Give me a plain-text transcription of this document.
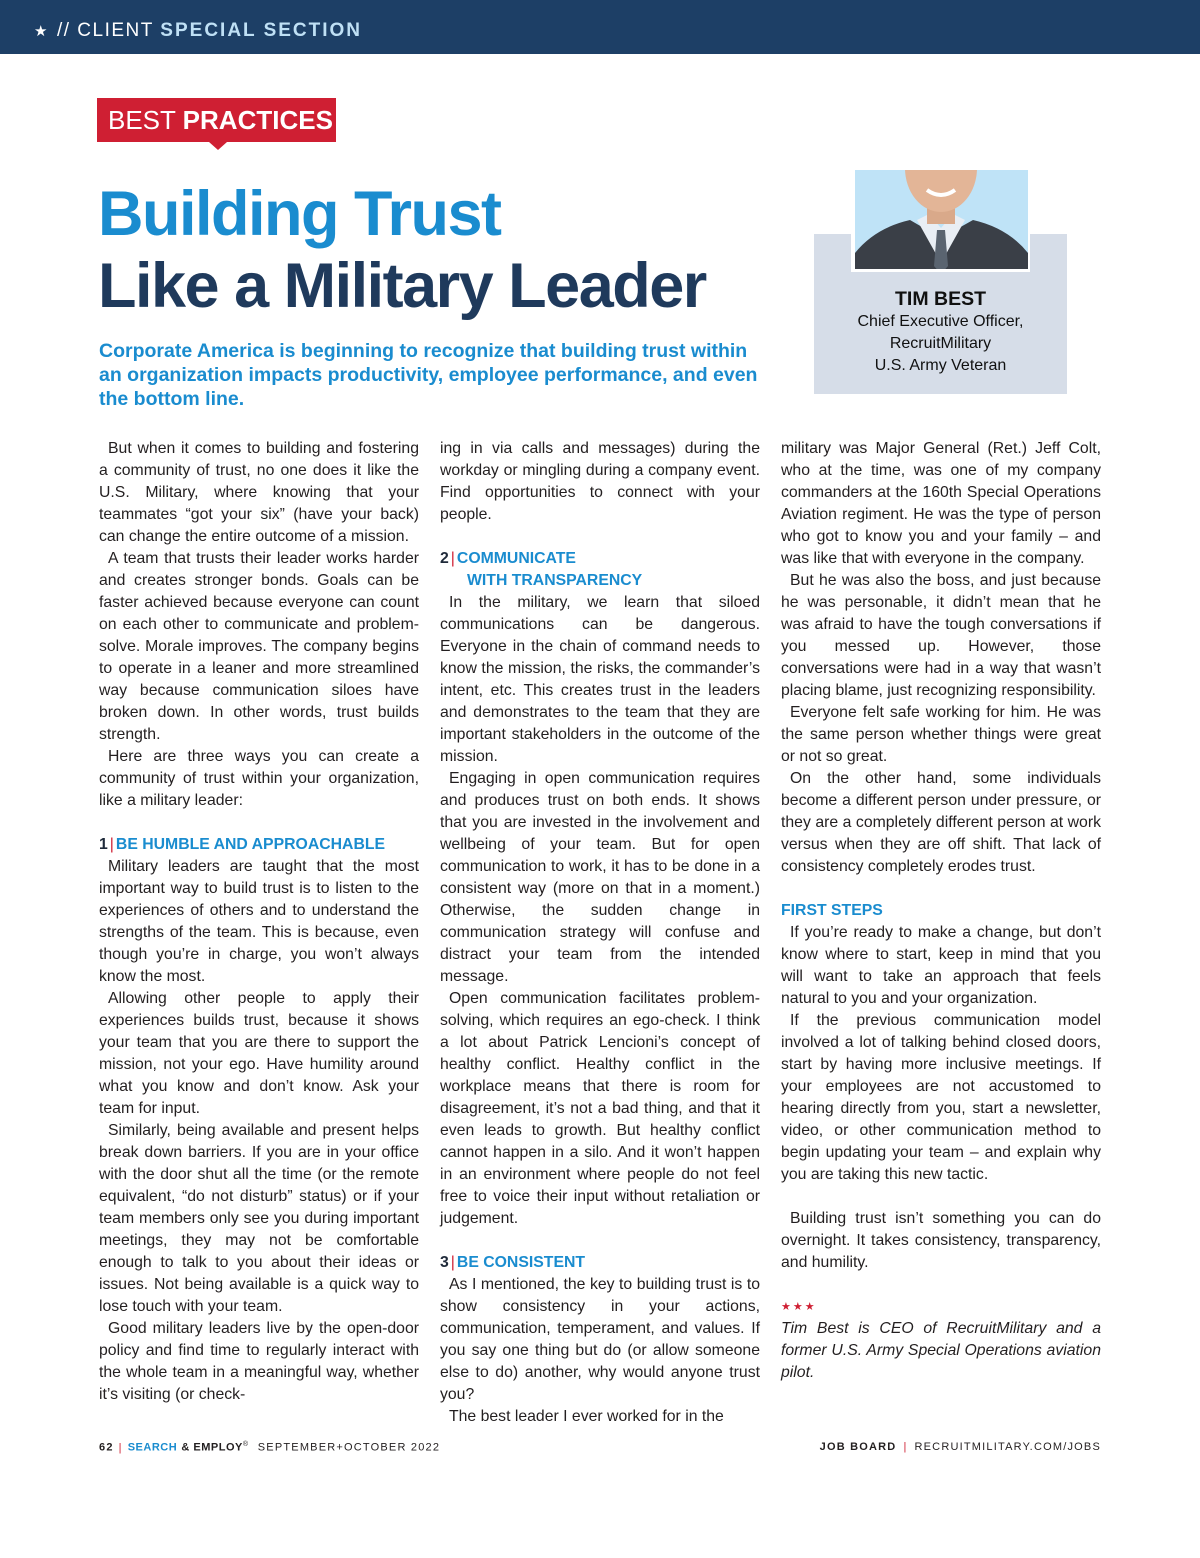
★ // CLIENT SPECIAL SECTION
BEST PRACTICES
Building Trust
Like a Military Leader
Corporate America is beginning to recognize that building trust within an organization impacts productivity, employee performance, and even the bottom line.
TIM BEST
Chief Executive Officer,
RecruitMilitary
U.S. Army Veteran

But when it comes to building and fostering a community of trust, no one does it like the U.S. Military, where knowing that your teammates “got your six” (have your back) can change the entire outcome of a mission.

A team that trusts their leader works harder and creates stronger bonds. Goals can be faster achieved because everyone can count on each other to communicate and problem-solve. Morale improves. The company begins to operate in a leaner and more streamlined way because communication siloes have broken down. In other words, trust builds strength.

Here are three ways you can create a community of trust within your organization, like a military leader:

1 | BE HUMBLE AND APPROACHABLE

Military leaders are taught that the most important way to build trust is to listen to the experiences of others and to understand the strengths of the team. This is because, even though you’re in charge, you won’t always know the most.

Allowing other people to apply their experiences builds trust, because it shows your team that you are there to support the mission, not your ego. Have humility around what you know and don’t know. Ask your team for input.

Similarly, being available and present helps break down barriers. If you are in your office with the door shut all the time (or the remote equivalent, “do not disturb” status) or if your team members only see you during important meetings, they may not be comfortable enough to talk to you about their ideas or issues. Not being available is a quick way to lose touch with your team.

Good military leaders live by the open-door policy and find time to regularly interact with the whole team in a meaningful way, whether it’s visiting (or check-

ing in via calls and messages) during the workday or mingling during a company event. Find opportunities to connect with your people.

2 | COMMUNICATE
WITH TRANSPARENCY

In the military, we learn that siloed communications can be dangerous. Everyone in the chain of command needs to know the mission, the risks, the commander’s intent, etc. This creates trust in the leaders and demonstrates to the team that they are important stakeholders in the outcome of the mission.

Engaging in open communication requires and produces trust on both ends. It shows that you are invested in the involvement and wellbeing of your team. But for open communication to work, it has to be done in a consistent way (more on that in a moment.) Otherwise, the sudden change in communication strategy will confuse and distract your team from the intended message.

Open communication facilitates problem-solving, which requires an ego-check. I think a lot about Patrick Lencioni’s concept of healthy conflict. Healthy conflict in the workplace means that there is room for disagreement, it’s not a bad thing, and that it even leads to growth. But healthy conflict cannot happen in a silo. And it won’t happen in an environment where people do not feel free to voice their input without retaliation or judgement.

3 | BE CONSISTENT

As I mentioned, the key to building trust is to show consistency in your actions, communication, temperament, and values. If you say one thing but do (or allow someone else to do) another, why would anyone trust you?

The best leader I ever worked for in the

military was Major General (Ret.) Jeff Colt, who at the time, was one of my company commanders at the 160th Special Operations Aviation regiment. He was the type of person who got to know you and your family – and was like that with everyone in the company.

But he was also the boss, and just because he was personable, it didn’t mean that he was afraid to have the tough conversations if you messed up. However, those conversations were had in a way that wasn’t placing blame, just recognizing responsibility.

Everyone felt safe working for him. He was the same person whether things were great or not so great.

On the other hand, some individuals become a different person under pressure, or they are a completely different person at work versus when they are off shift. That lack of consistency completely erodes trust.

FIRST STEPS

If you’re ready to make a change, but don’t know where to start, keep in mind that you will want to take an approach that feels natural to you and your organization.

If the previous communication model involved a lot of talking behind closed doors, start by having more inclusive meetings. If your employees are not accustomed to hearing directly from you, start a newsletter, video, or other communication method to begin updating your team – and explain why you are taking this new tactic.

Building trust isn’t something you can do overnight. It takes consistency, transparency, and humility.

★★★

Tim Best is CEO of RecruitMilitary and a former U.S. Army Special Operations aviation pilot.

62 | SEARCH & EMPLOY® SEPTEMBER+OCTOBER 2022	JOB BOARD | RECRUITMILITARY.COM/JOBS
